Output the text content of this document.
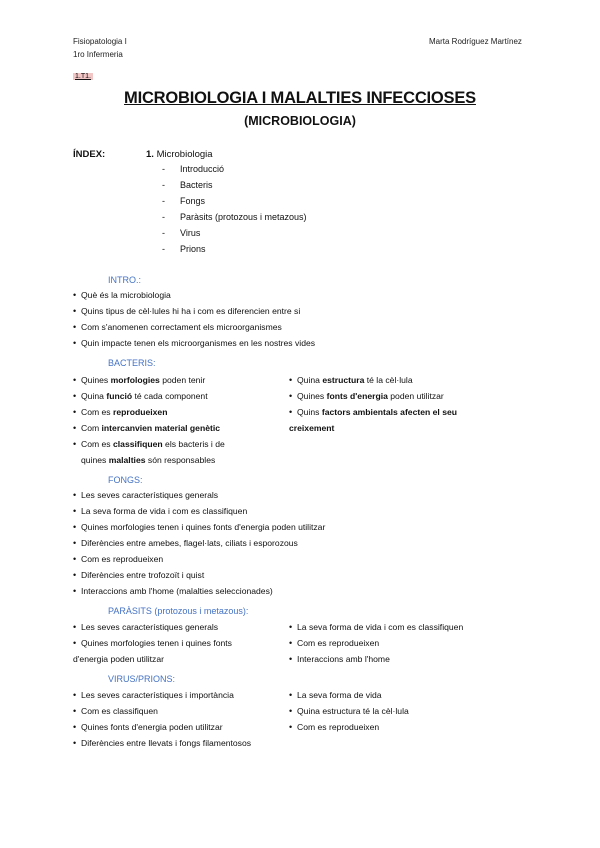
Fisiopatologia I
1ro Infermeria
Marta Rodríguez Martínez
1.T1.
MICROBIOLOGIA I MALALTIES INFECCIOSES
(MICROBIOLOGIA)
ÍNDEX:	1. Microbiologia
- Introducció
- Bacteris
- Fongs
- Paràsits (protozous i metazous)
- Virus
- Prions
INTRO.:
• Què és la microbiologia
• Quins tipus de cèl·lules hi ha i com es diferencien entre si
• Com s'anomenen correctament els microorganismes
• Quin impacte tenen els microorganismes en les nostres vides
BACTERIS:
• Quines morfologies poden tenir
• Quina funció té cada component
• Com es reprodueixen
• Com intercanvien material genètic
• Com es classifiquen els bacteris i de
quines malalties són responsables
• Quina estructura té la cèl·lula
• Quines fonts d'energia poden utilitzar
• Quins factors ambientals afecten el seu
creixement
FONGS:
• Les seves característiques generals
• La seva forma de vida i com es classifiquen
• Quines morfologies tenen i quines fonts d'energia poden utilitzar
• Diferències entre amebes, flagel·lats, ciliats i esporozous
• Com es reprodueixen
• Diferències entre trofozoït i quist
• Interaccions amb l'home (malalties seleccionades)
PARÀSITS (protozous i metazous):
• Les seves característiques generals
• Quines morfologies tenen i quines fonts
d'energia poden utilitzar
• La seva forma de vida i com es classifiquen
• Com es reprodueixen
• Interaccions amb l'home
VIRUS/PRIONS:
• Les seves característiques i importància
• Com es classifiquen
• Quines fonts d'energia poden utilitzar
• Diferències entre llevats i fongs filamentosos
• La seva forma de vida
• Quina estructura té la cèl·lula
• Com es reprodueixen
